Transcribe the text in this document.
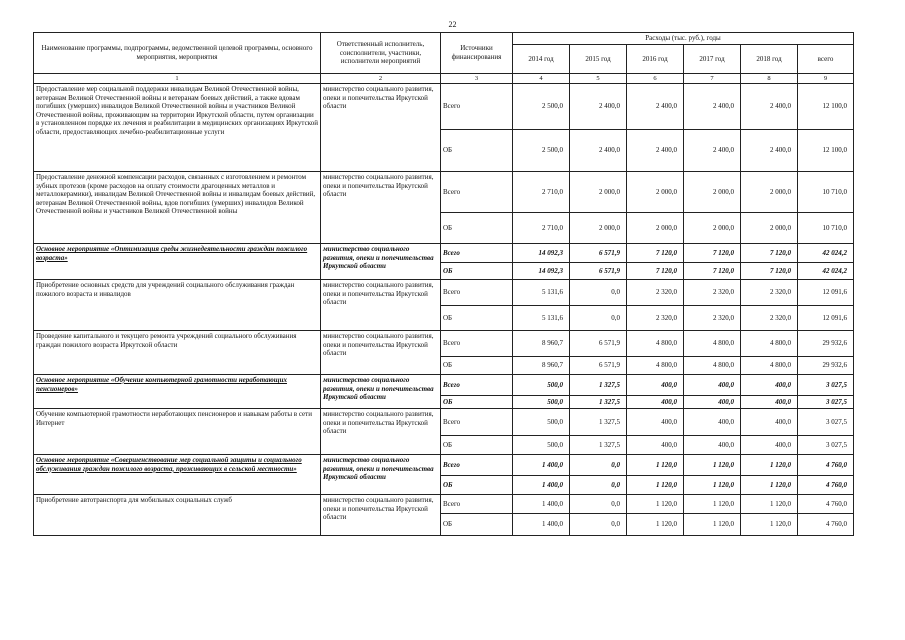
22
Наименование программы, подпрограммы, ведомственной целевой программы, основного мероприятия, мероприятия	Ответственный исполнитель, соисполнители, участники, исполнители мероприятий	Источники финансирования	Расходы (тыс. руб.), годы					
			2014 год	2015 год	2016 год	2017 год	2018 год	всего
1	2	3	4	5	6	7	8	9
Предоставление мер социальной поддержки инвалидам Великой Отечественной войны, ветеранам Великой Отечественной войны и ветеранам боевых действий, а также вдовам погибших (умерших) инвалидов Великой Отечественной войны и участников Великой Отечественной войны, проживающим на территории Иркутской области, путем организации в установленном порядке их лечения и реабилитации в медицинских организациях Иркутской области, предоставляющих лечебно-реабилитационные услуги	министерство социального развития, опеки и попечительства Иркутской области	Всего	2 500,0	2 400,0	2 400,0	2 400,0	2 400,0	12 100,0
		ОБ	2 500,0	2 400,0	2 400,0	2 400,0	2 400,0	12 100,0
Предоставление денежной компенсации расходов, связанных с изготовлением и ремонтом зубных протезов (кроме расходов на оплату стоимости драгоценных металлов и металлокерамики), инвалидам Великой Отечественной войны и инвалидам боевых действий, ветеранам Великой Отечественной войны, вдов погибших (умерших) инвалидов Великой Отечественной войны и участников Великой Отечественной войны	министерство социального развития, опеки и попечительства Иркутской области	Всего	2 710,0	2 000,0	2 000,0	2 000,0	2 000,0	10 710,0
		ОБ	2 710,0	2 000,0	2 000,0	2 000,0	2 000,0	10 710,0
Основное мероприятие «Оптимизация среды жизнедеятельности граждан пожилого возраста»	министерство социального развития, опеки и попечительства Иркутской области	Всего	14 092,3	6 571,9	7 120,0	7 120,0	7 120,0	42 024,2
		ОБ	14 092,3	6 571,9	7 120,0	7 120,0	7 120,0	42 024,2
Приобретение основных средств для учреждений социального обслуживания граждан пожилого возраста и инвалидов	министерство социального развития, опеки и попечительства Иркутской области	Всего	5 131,6	0,0	2 320,0	2 320,0	2 320,0	12 091,6
		ОБ	5 131,6	0,0	2 320,0	2 320,0	2 320,0	12 091,6
Проведение капитального и текущего ремонта учреждений социального обслуживания граждан пожилого возраста Иркутской области	министерство социального развития, опеки и попечительства Иркутской области	Всего	8 960,7	6 571,9	4 800,0	4 800,0	4 800,0	29 932,6
		ОБ	8 960,7	6 571,9	4 800,0	4 800,0	4 800,0	29 932,6
Основное мероприятие «Обучение компьютерной грамотности неработающих пенсионеров»	министерство социального развития, опеки и попечительства Иркутской области	Всего	500,0	1 327,5	400,0	400,0	400,0	3 027,5
		ОБ	500,0	1 327,5	400,0	400,0	400,0	3 027,5
Обучение компьютерной грамотности неработающих пенсионеров и навыкам работы в сети Интернет	министерство социального развития, опеки и попечительства Иркутской области	Всего	500,0	1 327,5	400,0	400,0	400,0	3 027,5
		ОБ	500,0	1 327,5	400,0	400,0	400,0	3 027,5
Основное мероприятие «Совершенствование мер социальной защиты и социального обслуживания граждан пожилого возраста, проживающих в сельской местности»	министерство социального развития, опеки и попечительства Иркутской области	Всего	1 400,0	0,0	1 120,0	1 120,0	1 120,0	4 760,0
		ОБ	1 400,0	0,0	1 120,0	1 120,0	1 120,0	4 760,0
Приобретение автотранспорта для мобильных социальных служб	министерство социального развития, опеки и попечительства Иркутской области	Всего	1 400,0	0,0	1 120,0	1 120,0	1 120,0	4 760,0
		ОБ	1 400,0	0,0	1 120,0	1 120,0	1 120,0	4 760,0
